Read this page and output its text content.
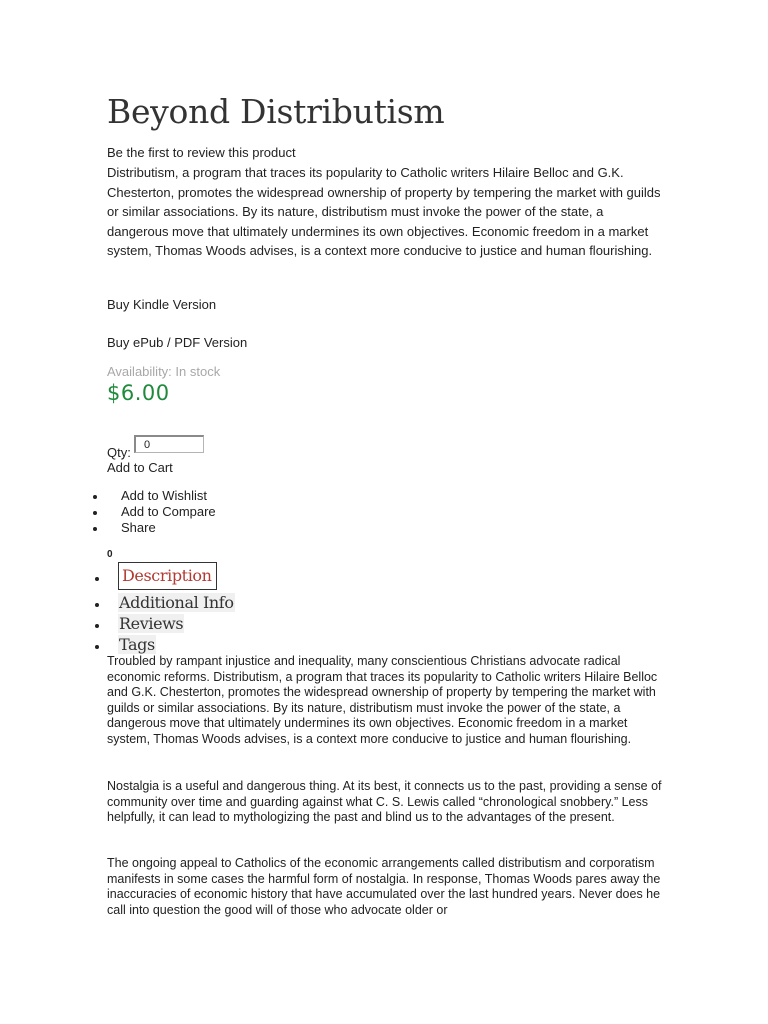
Beyond Distributism
Be the first to review this product

Distributism, a program that traces its popularity to Catholic writers Hilaire Belloc and G.K. Chesterton, promotes the widespread ownership of property by tempering the market with guilds or similar associations. By its nature, distributism must invoke the power of the state, a dangerous move that ultimately undermines its own objectives. Economic freedom in a market system, Thomas Woods advises, is a context more conducive to justice and human flourishing.

Buy Kindle Version
Buy ePub / PDF Version
Availability: In stock
$6.00
Qty:
0
Add to Cart
Add to Wishlist
Add to Compare
Share
0
Description
Additional Info
Reviews
Tags

Troubled by rampant injustice and inequality, many conscientious Christians advocate radical economic reforms. Distributism, a program that traces its popularity to Catholic writers Hilaire Belloc and G.K. Chesterton, promotes the widespread ownership of property by tempering the market with guilds or similar associations. By its nature, distributism must invoke the power of the state, a dangerous move that ultimately undermines its own objectives. Economic freedom in a market system, Thomas Woods advises, is a context more conducive to justice and human flourishing.

Nostalgia is a useful and dangerous thing. At its best, it connects us to the past, providing a sense of community over time and guarding against what C. S. Lewis called “chronological snobbery.” Less helpfully, it can lead to mythologizing the past and blind us to the advantages of the present.

The ongoing appeal to Catholics of the economic arrangements called distributism and corporatism manifests in some cases the harmful form of nostalgia. In response, Thomas Woods pares away the inaccuracies of economic history that have accumulated over the last hundred years. Never does he call into question the good will of those who advocate older or
